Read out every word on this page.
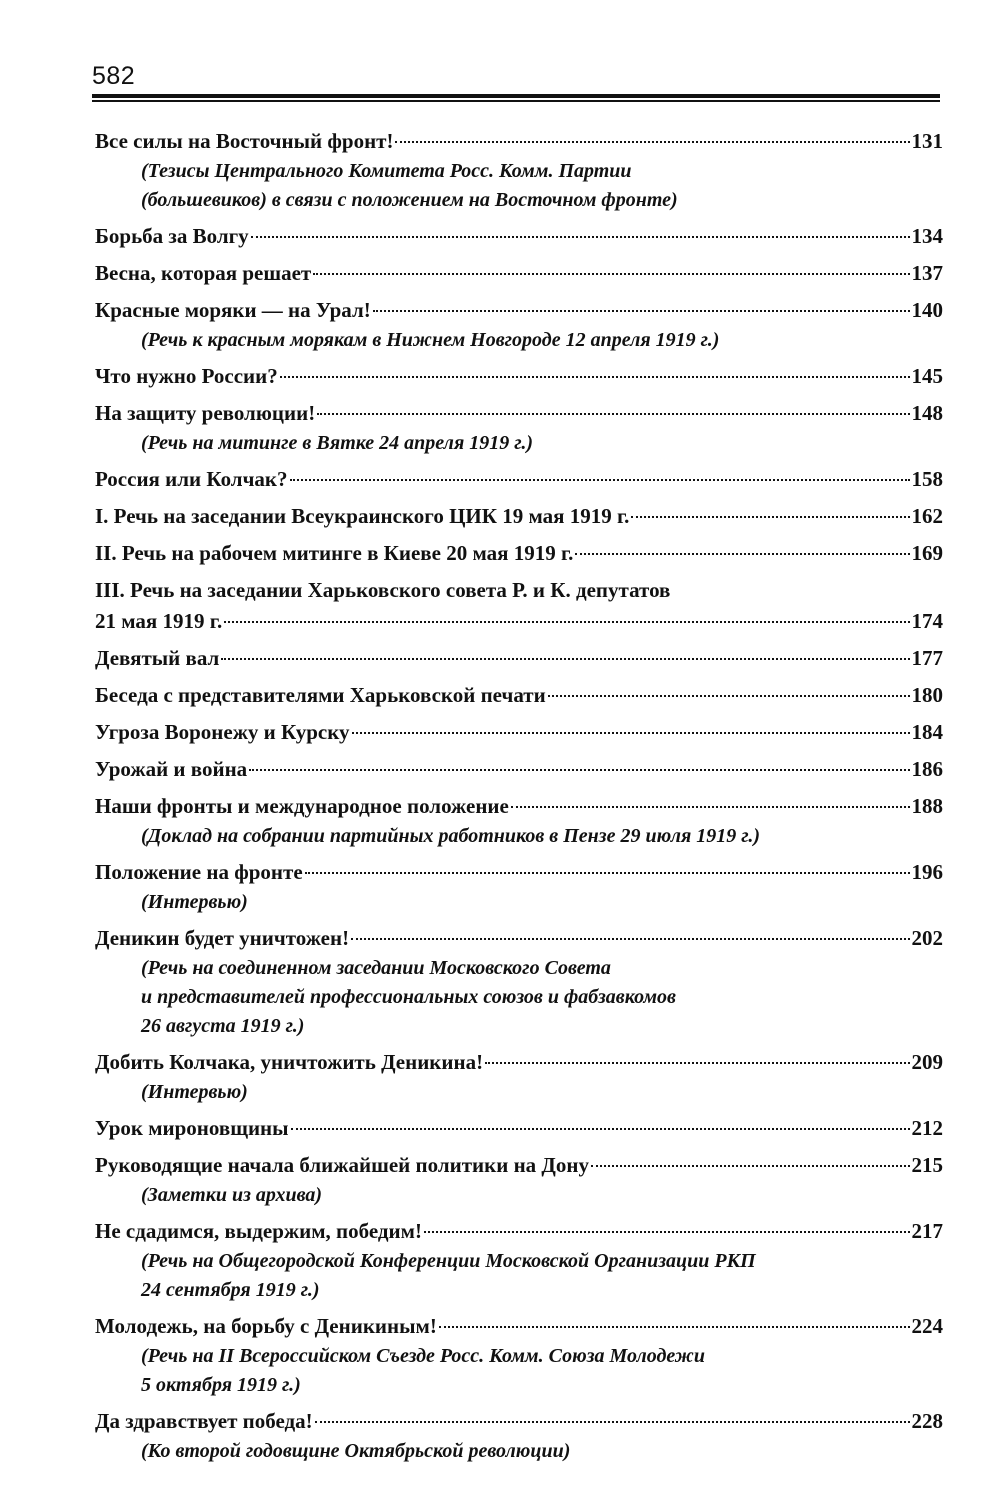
582
Все силы на Восточный фронт!	131
(Тезисы Центрального Комитета Росс. Комм. Партии
(большевиков) в связи с положением на Восточном фронте)
Борьба за Волгу	134
Весна, которая решает	137
Красные моряки — на Урал!	140
(Речь к красным морякам в Нижнем Новгороде 12 апреля 1919 г.)
Что нужно России?	145
На защиту революции!	148
(Речь на митинге в Вятке 24 апреля 1919 г.)
Россия или Колчак?	158
I. Речь на заседании Всеукраинского ЦИК 19 мая 1919 г.	162
II. Речь на рабочем митинге в Киеве 20 мая 1919 г.	169
III. Речь на заседании Харьковского совета Р. и К. депутатов
21 мая 1919 г.	174
Девятый вал	177
Беседа с представителями Харьковской печати	180
Угроза Воронежу и Курску	184
Урожай и война	186
Наши фронты и международное положение	188
(Доклад на собрании партийных работников в Пензе 29 июля 1919 г.)
Положение на фронте	196
(Интервью)
Деникин будет уничтожен!	202
(Речь на соединенном заседании Московского Совета
и представителей профессиональных союзов и фабзавкомов
26 августа 1919 г.)
Добить Колчака, уничтожить Деникина!	209
(Интервью)
Урок мироновщины	212
Руководящие начала ближайшей политики на Дону	215
(Заметки из архива)
Не сдадимся, выдержим, победим!	217
(Речь на Общегородской Конференции Московской Организации РКП
24 сентября 1919 г.)
Молодежь, на борьбу с Деникиным!	224
(Речь на II Всероссийском Съезде Росс. Комм. Союза Молодежи
5 октября 1919 г.)
Да здравствует победа!	228
(Ко второй годовщине Октябрьской революции)
